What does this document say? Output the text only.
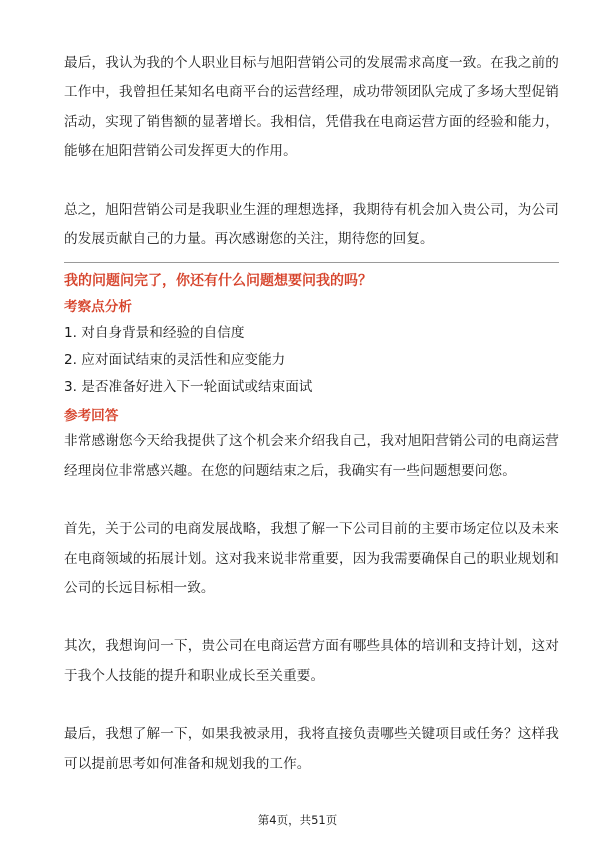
最后，我认为我的个人职业目标与旭阳营销公司的发展需求高度一致。在我之前的工作中，我曾担任某知名电商平台的运营经理，成功带领团队完成了多场大型促销活动，实现了销售额的显著增长。我相信，凭借我在电商运营方面的经验和能力，能够在旭阳营销公司发挥更大的作用。

总之，旭阳营销公司是我职业生涯的理想选择，我期待有机会加入贵公司，为公司的发展贡献自己的力量。再次感谢您的关注，期待您的回复。

我的问题问完了，你还有什么问题想要问我的吗？

考察点分析

1. 对自身背景和经验的自信度
2. 应对面试结束的灵活性和应变能力
3. 是否准备好进入下一轮面试或结束面试

参考回答

非常感谢您今天给我提供了这个机会来介绍我自己，我对旭阳营销公司的电商运营经理岗位非常感兴趣。在您的问题结束之后，我确实有一些问题想要问您。

首先，关于公司的电商发展战略，我想了解一下公司目前的主要市场定位以及未来在电商领域的拓展计划。这对我来说非常重要，因为我需要确保自己的职业规划和公司的长远目标相一致。

其次，我想询问一下，贵公司在电商运营方面有哪些具体的培训和支持计划，这对于我个人技能的提升和职业成长至关重要。

最后，我想了解一下，如果我被录用，我将直接负责哪些关键项目或任务？这样我可以提前思考如何准备和规划我的工作。

第4页，共51页
